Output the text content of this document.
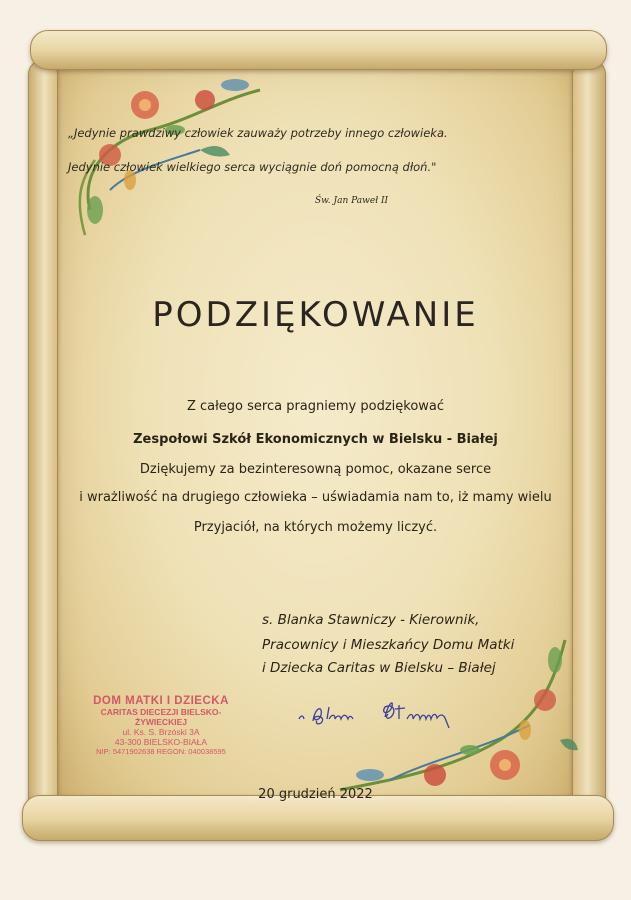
„Jedynie prawdziwy człowiek zauważy potrzeby innego człowieka.
Jedynie człowiek wielkiego serca wyciągnie doń pomocną dłoń."
Św. Jan Paweł II
PODZIĘKOWANIE
Z całego serca pragniemy podziękować
Zespołowi Szkół Ekonomicznych w Bielsku - Białej
Dziękujemy za bezinteresowną pomoc, okazane serce
i wrażliwość na drugiego człowieka – uświadamia nam to, iż mamy wielu
Przyjaciół, na których możemy liczyć.
s. Blanka Stawniczy - Kierownik,
Pracownicy i Mieszkańcy Domu Matki
i Dziecka Caritas w Bielsku – Białej
DOM MATKI I DZIECKA
CARITAS DIECEZJI BIELSKO-ŻYWIECKIEJ
ul. Ks. S. Brzóski 3A
43-300 BIELSKO-BIAŁA
NIP: 5471902638 REGON: 040038595
20 grudzień 2022
